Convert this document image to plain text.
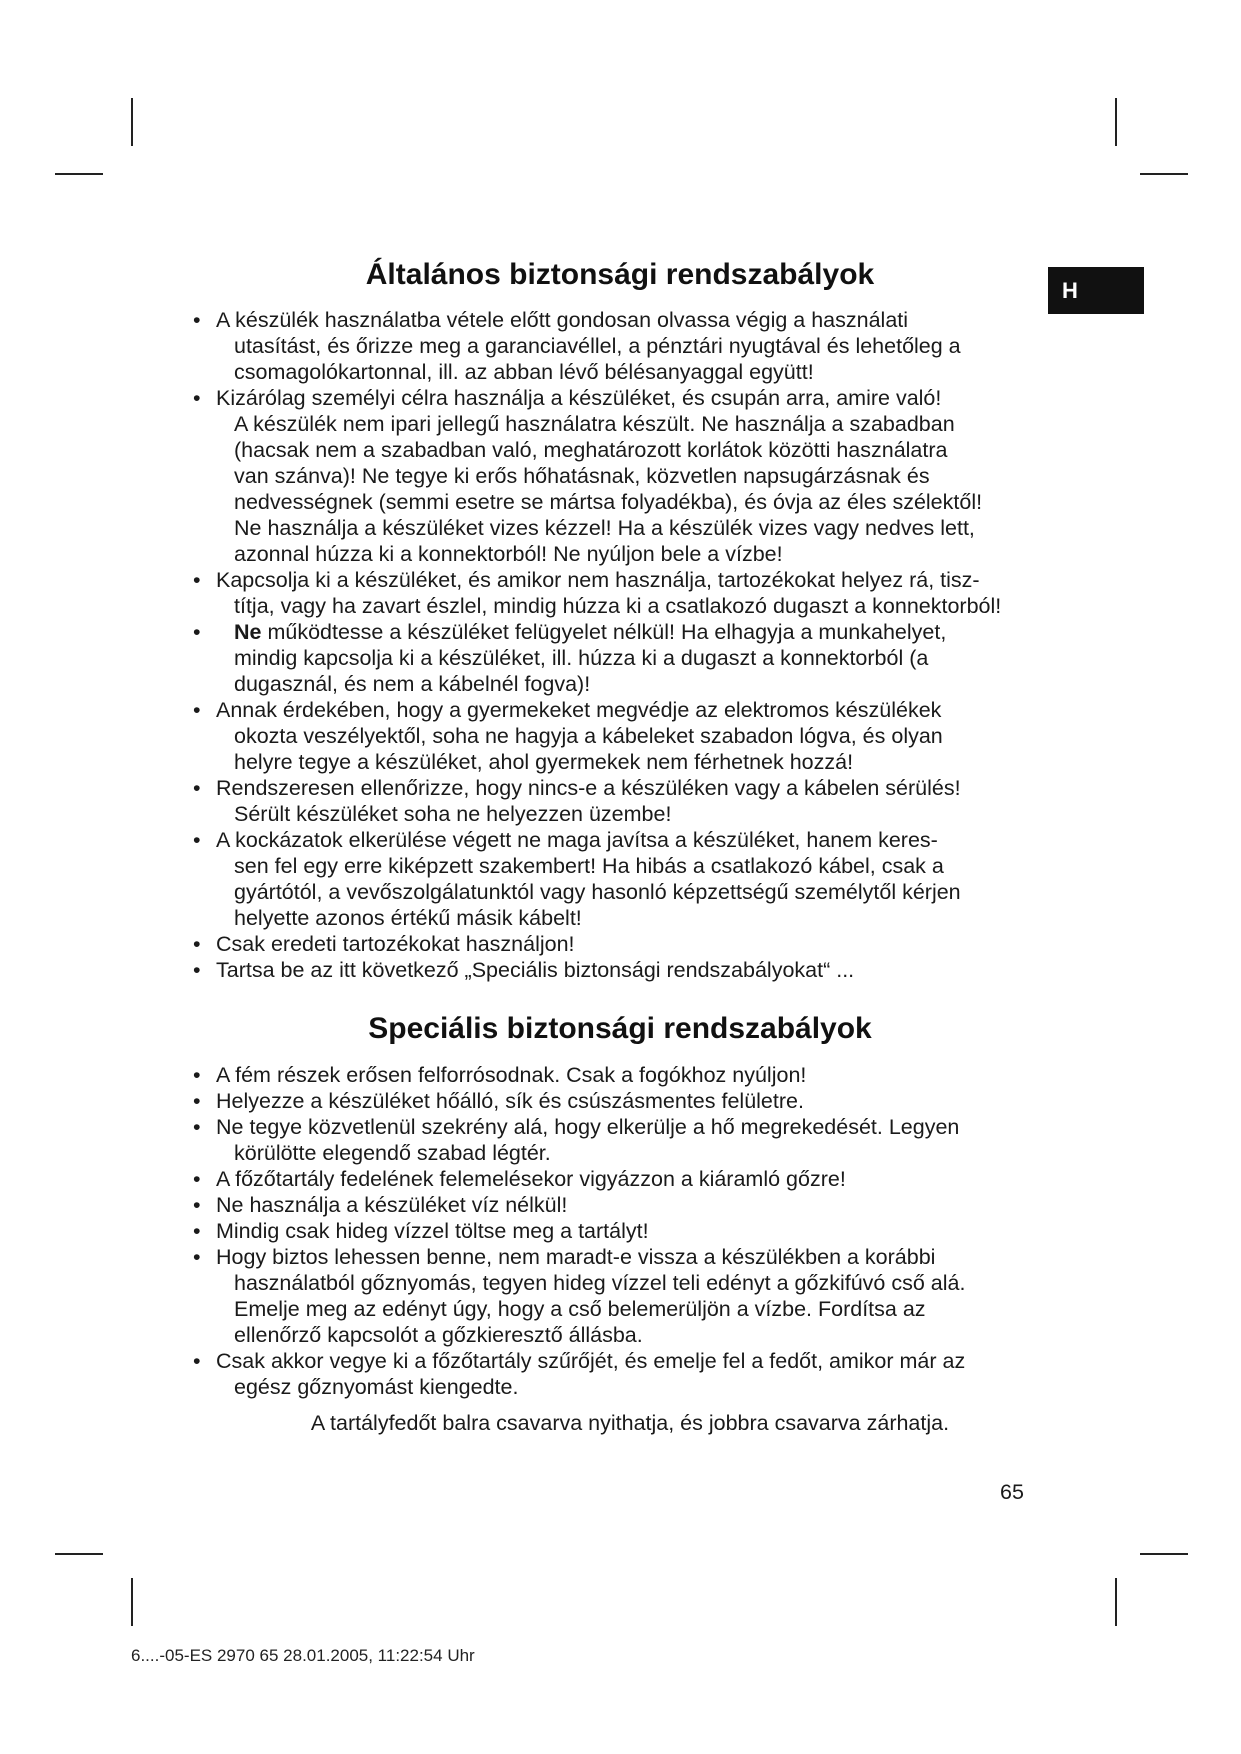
H
Általános biztonsági rendszabályok
• A készülék használatba vétele előtt gondosan olvassa végig a használati
utasítást, és őrizze meg a garanciavéllel, a pénztári nyugtával és lehetőleg a
csomagolókartonnal, ill. az abban lévő bélésanyaggal együtt!
• Kizárólag személyi célra használja a készüléket, és csupán arra, amire való!
A készülék nem ipari jellegű használatra készült. Ne használja a szabadban
(hacsak nem a szabadban való, meghatározott korlátok közötti használatra
van szánva)! Ne tegye ki erős hőhatásnak, közvetlen napsugárzásnak és
nedvességnek (semmi esetre se mártsa folyadékba), és óvja az éles szélektől!
Ne használja a készüléket vizes kézzel! Ha a készülék vizes vagy nedves lett,
azonnal húzza ki a konnektorból! Ne nyúljon bele a vízbe!
• Kapcsolja ki a készüléket, és amikor nem használja, tartozékokat helyez rá, tisz-
títja, vagy ha zavart észlel, mindig húzza ki a csatlakozó dugaszt a konnektorból!
• Ne működtesse a készüléket felügyelet nélkül! Ha elhagyja a munkahelyet,
mindig kapcsolja ki a készüléket, ill. húzza ki a dugaszt a konnektorból (a
dugasznál, és nem a kábelnél fogva)!
• Annak érdekében, hogy a gyermekeket megvédje az elektromos készülékek
okozta veszélyektől, soha ne hagyja a kábeleket szabadon lógva, és olyan
helyre tegye a készüléket, ahol gyermekek nem férhetnek hozzá!
• Rendszeresen ellenőrizze, hogy nincs-e a készüléken vagy a kábelen sérülés!
Sérült készüléket soha ne helyezzen üzembe!
• A kockázatok elkerülése végett ne maga javítsa a készüléket, hanem keres-
sen fel egy erre kiképzett szakembert! Ha hibás a csatlakozó kábel, csak a
gyártótól, a vevőszolgálatunktól vagy hasonló képzettségű személytől kérjen
helyette azonos értékű másik kábelt!
• Csak eredeti tartozékokat használjon!
• Tartsa be az itt következő „Speciális biztonsági rendszabályokat“ ...
Speciális biztonsági rendszabályok
• A fém részek erősen felforrósodnak. Csak a fogókhoz nyúljon!
• Helyezze a készüléket hőálló, sík és csúszásmentes felületre.
• Ne tegye közvetlenül szekrény alá, hogy elkerülje a hő megrekedését. Legyen
körülötte elegendő szabad légtér.
• A főzőtartály fedelének felemelésekor vigyázzon a kiáramló gőzre!
• Ne használja a készüléket víz nélkül!
• Mindig csak hideg vízzel töltse meg a tartályt!
• Hogy biztos lehessen benne, nem maradt-e vissza a készülékben a korábbi
használatból gőznyomás, tegyen hideg vízzel teli edényt a gőzkifúvó cső alá.
Emelje meg az edényt úgy, hogy a cső belemerüljön a vízbe. Fordítsa az
ellenőrző kapcsolót a gőzkieresztő állásba.
• Csak akkor vegye ki a főzőtartály szűrőjét, és emelje fel a fedőt, amikor már az
egész gőznyomást kiengedte.
A tartályfedőt balra csavarva nyithatja, és jobbra csavarva zárhatja.
65
6....-05-ES 2970 65 28.01.2005, 11:22:54 Uhr
